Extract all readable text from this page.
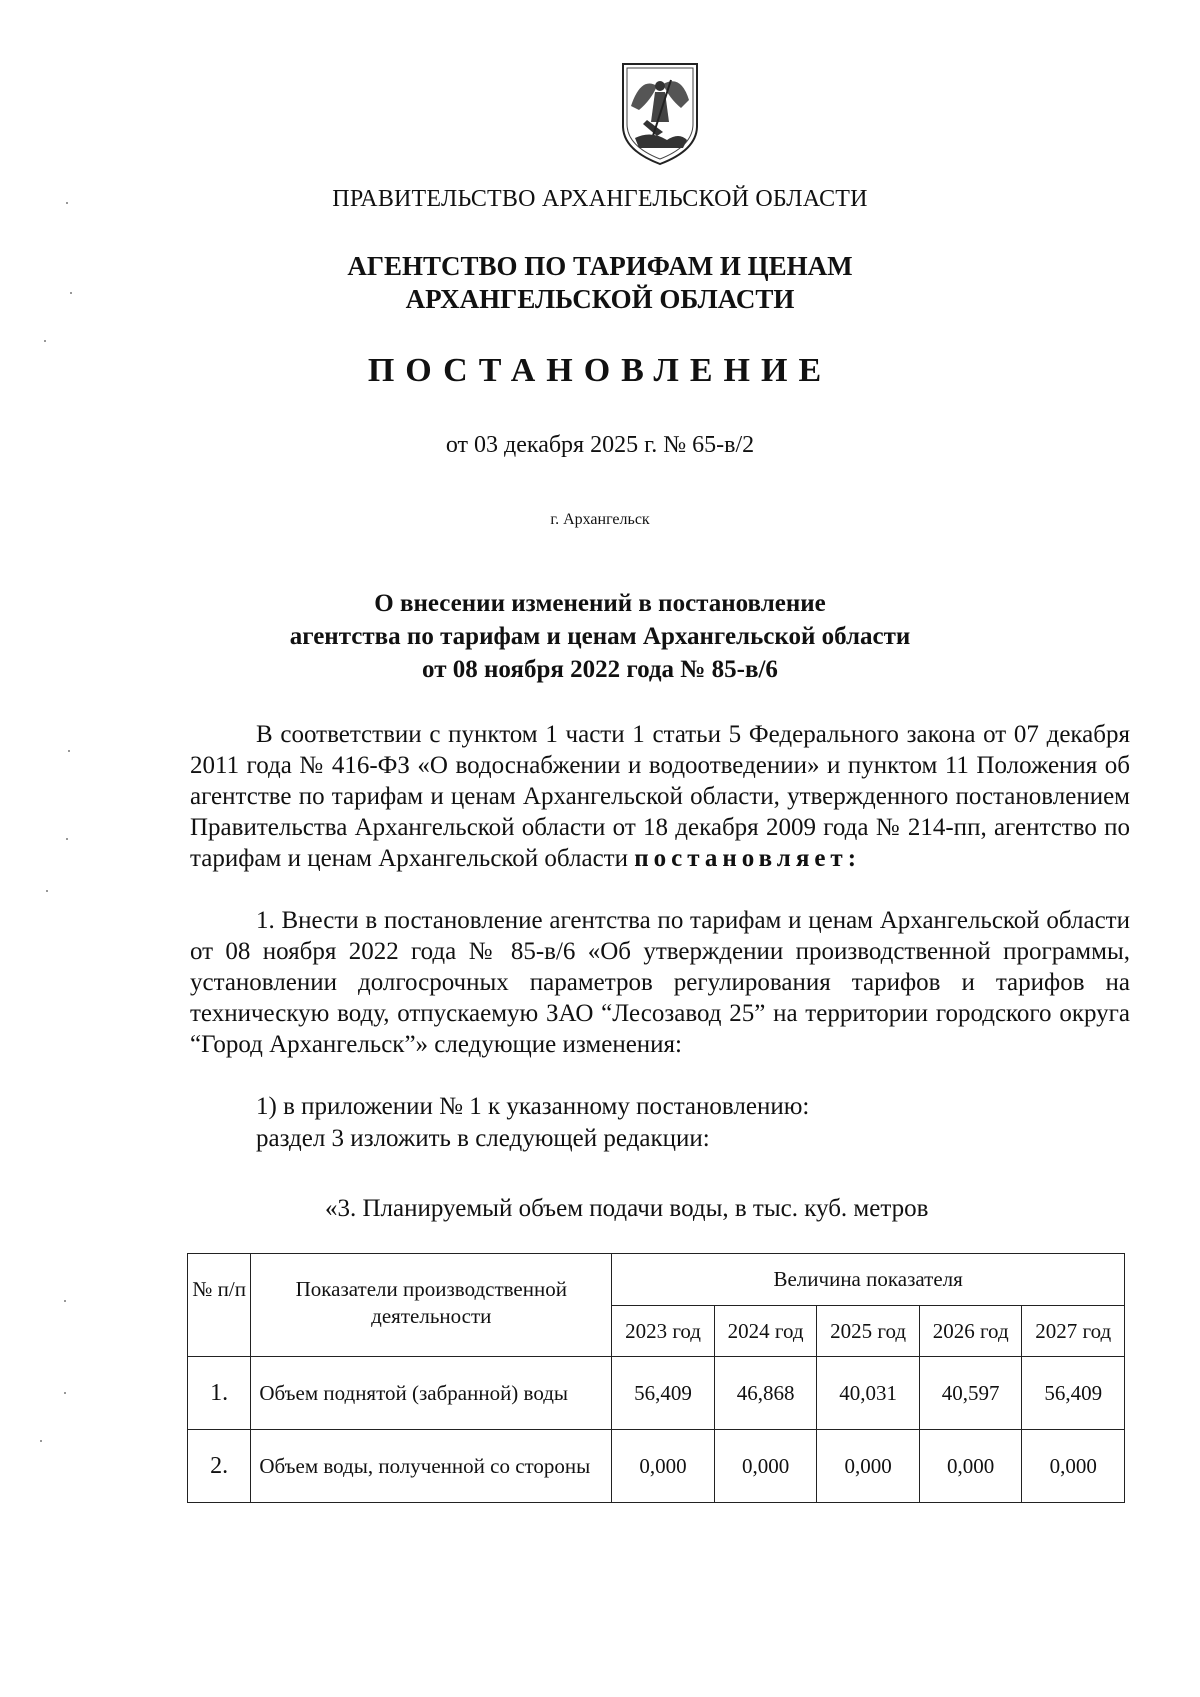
ПРАВИТЕЛЬСТВО АРХАНГЕЛЬСКОЙ ОБЛАСТИ
АГЕНТСТВО ПО ТАРИФАМ И ЦЕНАМ
АРХАНГЕЛЬСКОЙ ОБЛАСТИ
ПОСТАНОВЛЕНИЕ
от 03 декабря 2025 г. № 65-в/2
г. Архангельск
О внесении изменений в постановление
агентства по тарифам и ценам Архангельской области
от 08 ноября 2022 года № 85-в/6
В соответствии с пунктом 1 части 1 статьи 5 Федерального закона от 07 декабря 2011 года № 416-ФЗ «О водоснабжении и водоотведении» и пунктом 11 Положения об агентстве по тарифам и ценам Архангельской области, утвержденного постановлением Правительства Архангельской области от 18 декабря 2009 года № 214-пп, агентство по тарифам и ценам Архангельской области постановляет:
1. Внести в постановление агентства по тарифам и ценам Архангельской области от 08 ноября 2022 года № 85-в/6 «Об утверждении производственной программы, установлении долгосрочных параметров регулирования тарифов и тарифов на техническую воду, отпускаемую ЗАО “Лесозавод 25” на территории городского округа “Город Архангельск”» следующие изменения:
1) в приложении № 1 к указанному постановлению:
раздел 3 изложить в следующей редакции:
«3. Планируемый объем подачи воды, в тыс. куб. метров
№ п/п	Показатели производственной деятельности	Величина показателя				
		2023 год	2024 год	2025 год	2026 год	2027 год
1.	Объем поднятой (забранной) воды	56,409	46,868	40,031	40,597	56,409
2.	Объем воды, полученной со стороны	0,000	0,000	0,000	0,000	0,000
